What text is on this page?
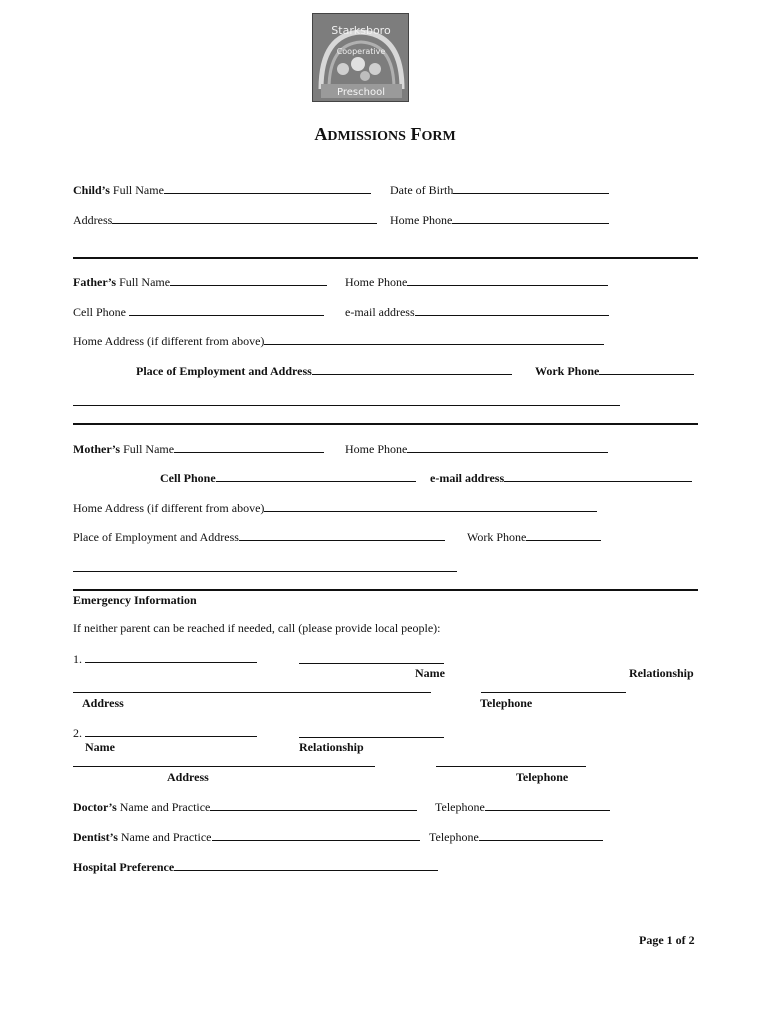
Starksboro
Cooperative
Preschool
ADMISSIONS FORM
Child’s Full Name	Date of Birth
Address	Home Phone
Father’s Full Name	Home Phone
Cell Phone	e-mail address
Home Address (if different from above)
Place of Employment and Address	Work Phone
Mother’s Full Name	Home Phone
Cell Phone	e-mail address
Home Address (if different from above)
Place of Employment and Address	Work Phone
Emergency Information
If neither parent can be reached if needed, call (please provide local people):
1.
Name	Relationship
Address	Telephone
2.
Name	Relationship
Address	Telephone
Doctor’s Name and Practice	Telephone
Dentist’s Name and Practice	Telephone
Hospital Preference
Page 1 of 2
